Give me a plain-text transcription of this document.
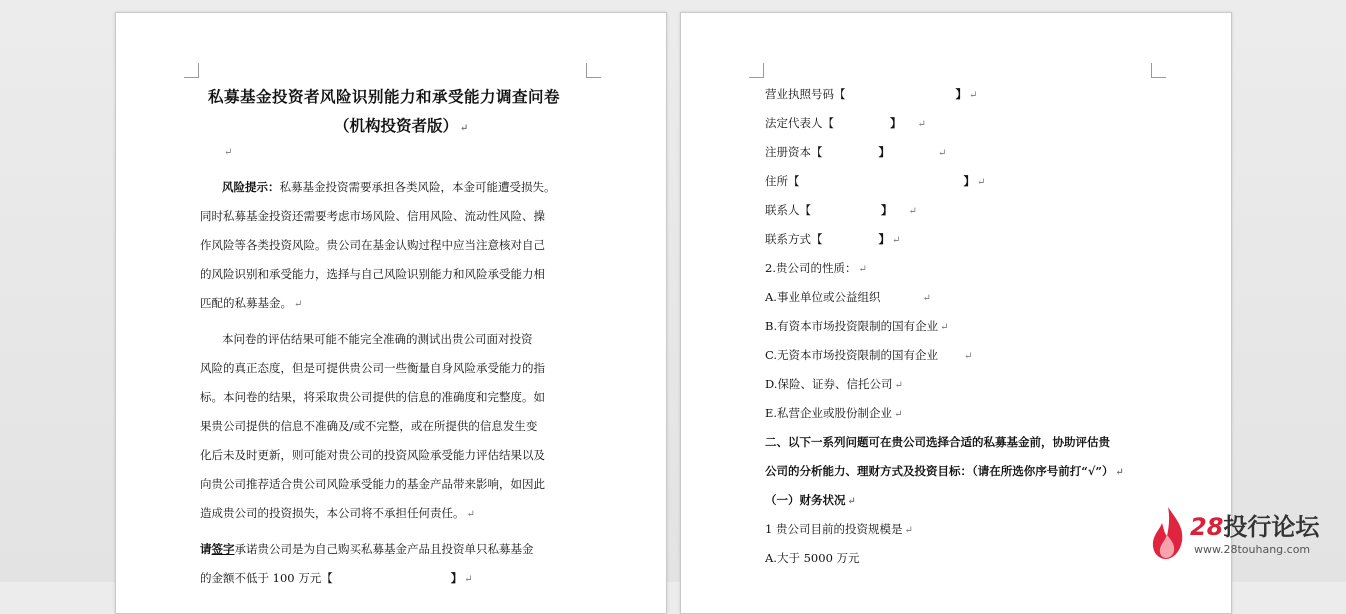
私募基金投资者风险识别能力和承受能力调查问卷
（机构投资者版） ↵
↵
风险提示：私募基金投资需要承担各类风险，本金可能遭受损失。
同时私募基金投资还需要考虑市场风险、信用风险、流动性风险、操
作风险等各类投资风险。贵公司在基金认购过程中应当注意核对自己
的风险识别和承受能力，选择与自己风险识别能力和风险承受能力相
匹配的私募基金。 ↵
本问卷的评估结果可能不能完全准确的测试出贵公司面对投资
风险的真正态度，但是可提供贵公司一些衡量自身风险承受能力的指
标。本问卷的结果，将采取贵公司提供的信息的准确度和完整度。如
果贵公司提供的信息不准确及/或不完整，或在所提供的信息发生变
化后未及时更新，则可能对贵公司的投资风险承受能力评估结果以及
向贵公司推荐适合贵公司风险承受能力的基金产品带来影响，如因此
造成贵公司的投资损失，本公司将不承担任何责任。 ↵
请签字承诺贵公司是为自己购买私募基金产品且投资单只私募基金
的金额不低于 100 万元【	】 ↵
营业执照号码【	】 ↵
法定代表人【	】 ↵
注册资本【	】	↵
住所【	】 ↵
联系人【	】 ↵
联系方式【	】 ↵
2.贵公司的性质： ↵
A.事业单位或公益组织	↵
B.有资本市场投资限制的国有企业 ↵
C.无资本市场投资限制的国有企业	↵
D.保险、证券、信托公司 ↵
E.私营企业或股份制企业 ↵
二、以下一系列问题可在贵公司选择合适的私募基金前，协助评估贵
公司的分析能力、理财方式及投资目标：（请在所选你序号前打“√”） ↵
（一）财务状况 ↵
1 贵公司目前的投资规模是 ↵
A.大于 5000 万元
28投行论坛
www.28touhang.com
